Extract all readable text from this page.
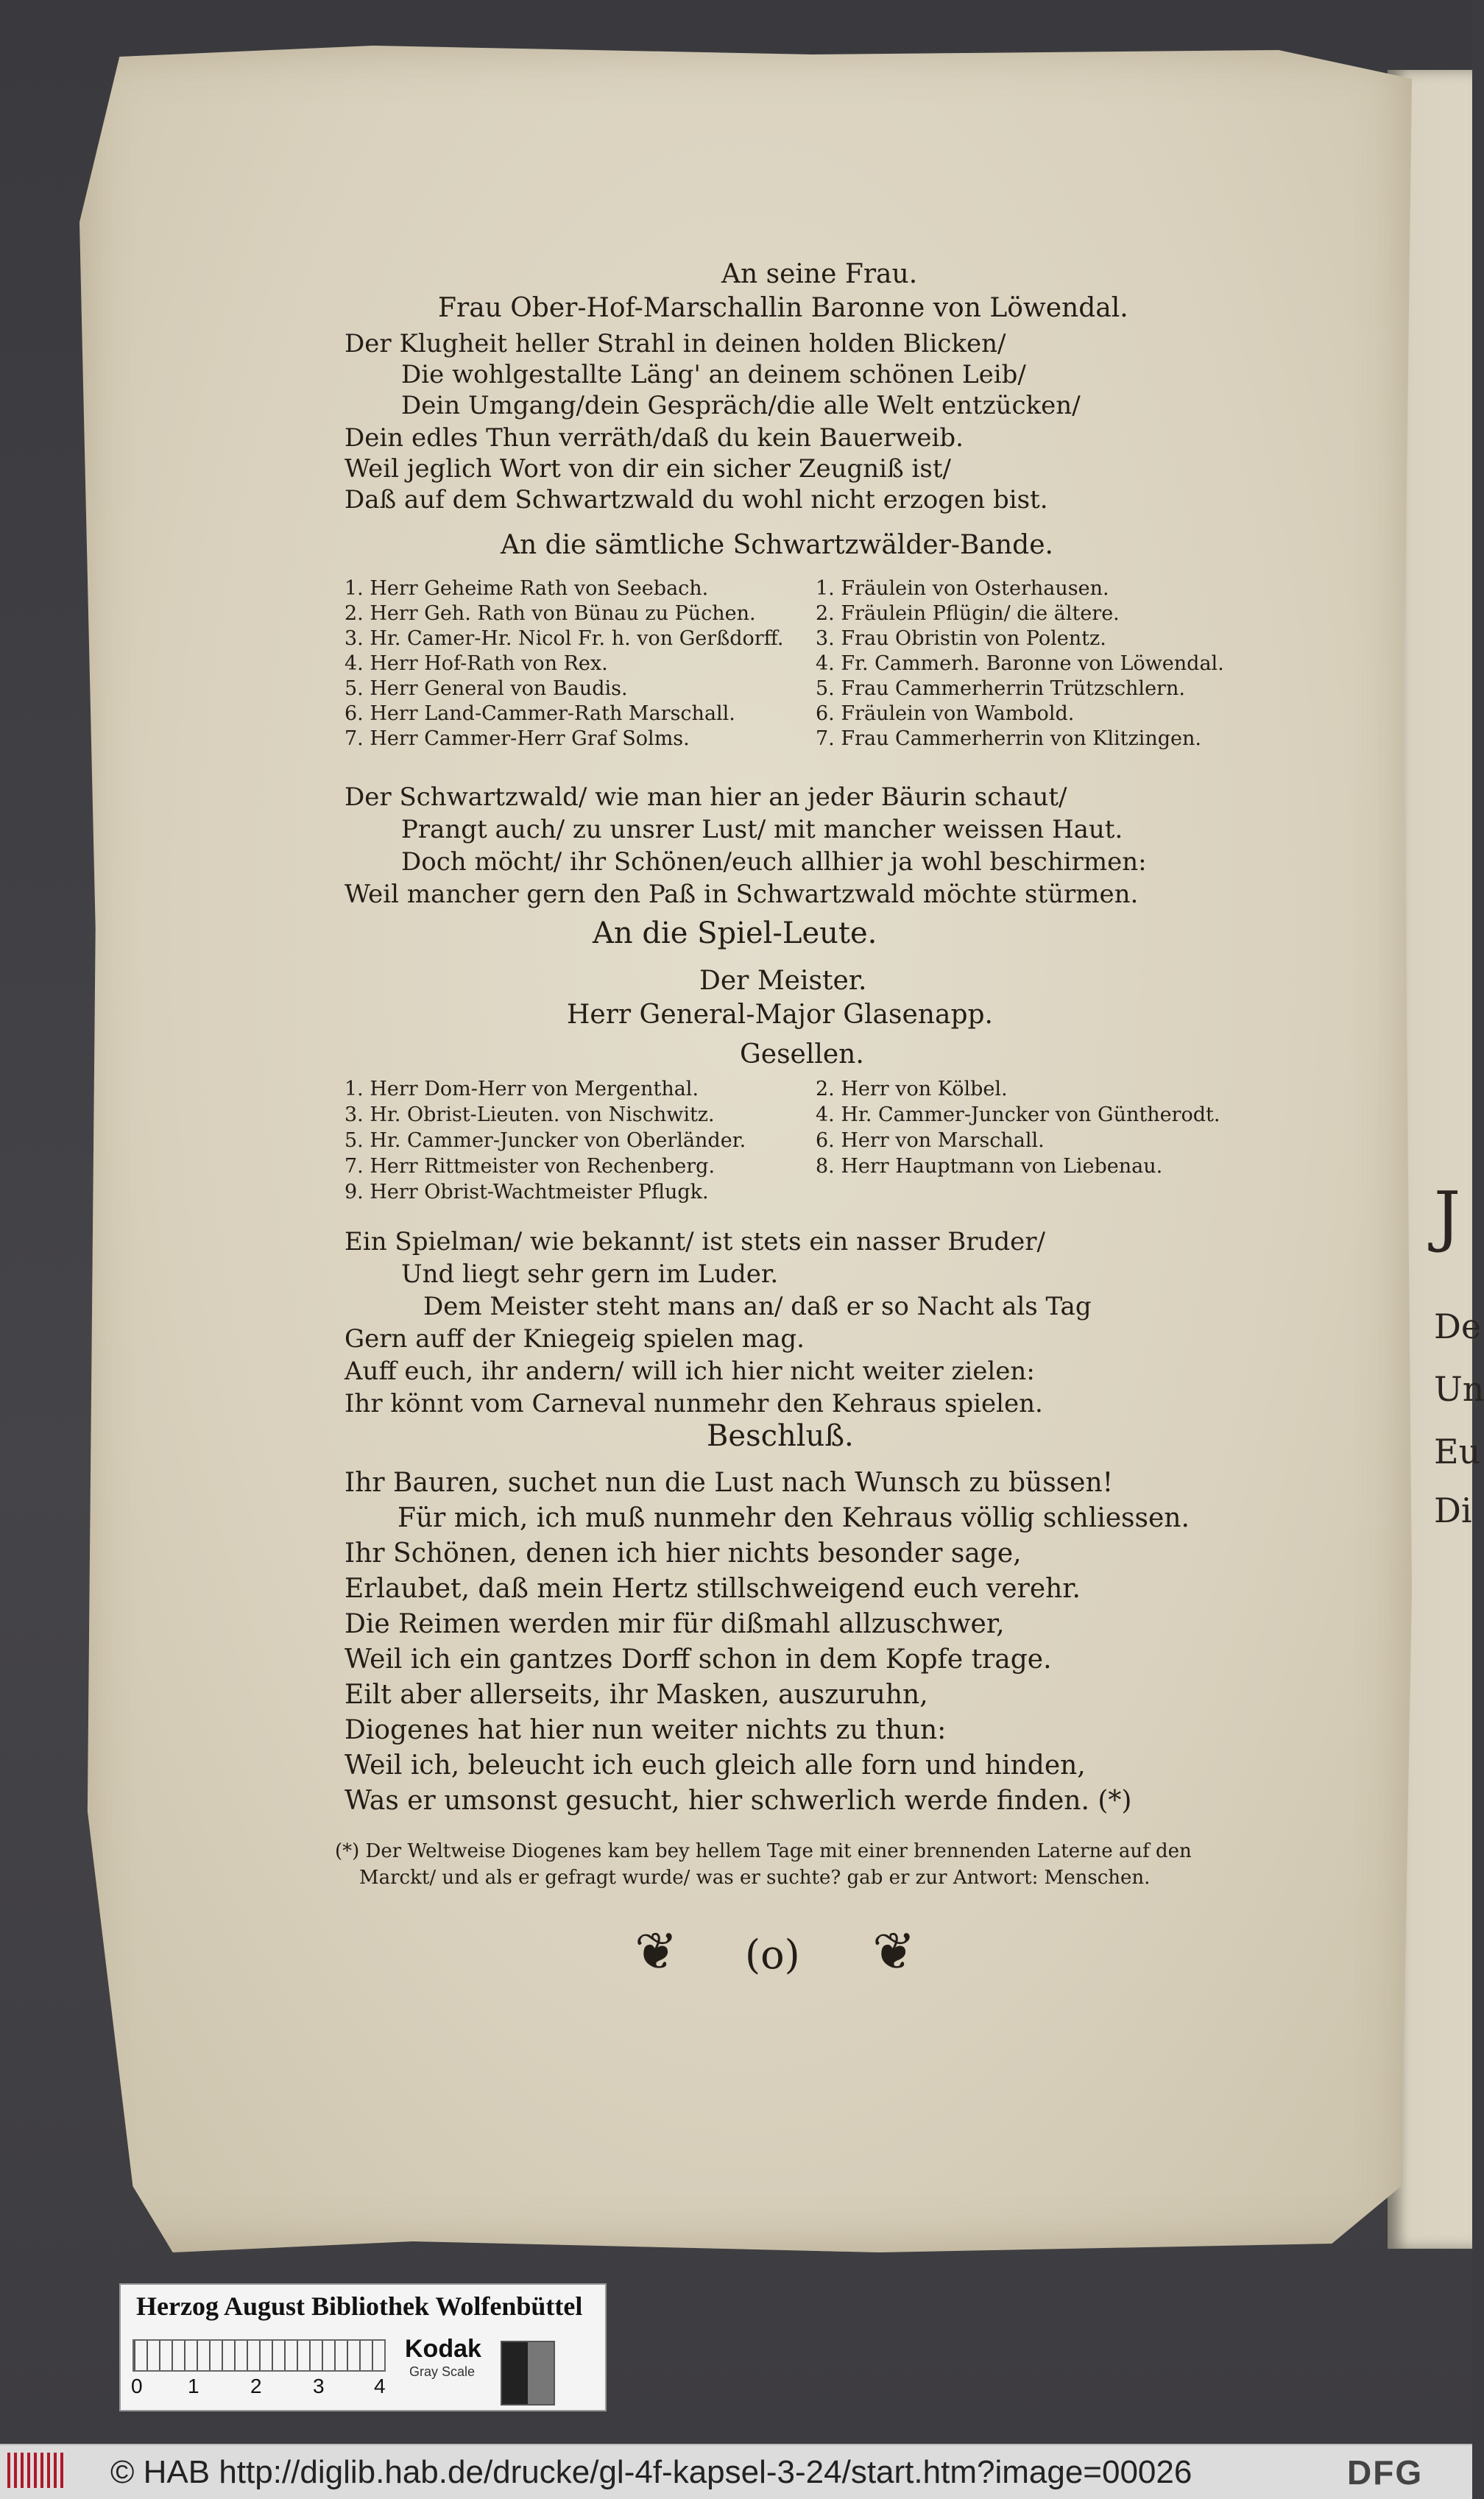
J
De
Un
Eu
Di
An seine Frau.
Frau Ober-Hof-Marschallin Baronne von Löwendal.
Der Klugheit heller Strahl in deinen holden Blicken/
Die wohlgestallte Läng' an deinem schönen Leib/
Dein Umgang/dein Gespräch/die alle Welt entzücken/
Dein edles Thun verräth/daß du kein Bauerweib.
Weil jeglich Wort von dir ein sicher Zeugniß ist/
Daß auf dem Schwartzwald du wohl nicht erzogen bist.
An die sämtliche Schwartzwälder-Bande.
1. Herr Geheime Rath von Seebach.
2. Herr Geh. Rath von Bünau zu Püchen.
3. Hr. Camer-Hr. Nicol Fr. h. von Gerßdorff.
4. Herr Hof-Rath von Rex.
5. Herr General von Baudis.
6. Herr Land-Cammer-Rath Marschall.
7. Herr Cammer-Herr Graf Solms.
1. Fräulein von Osterhausen.
2. Fräulein Pflügin/ die ältere.
3. Frau Obristin von Polentz.
4. Fr. Cammerh. Baronne von Löwendal.
5. Frau Cammerherrin Trützschlern.
6. Fräulein von Wambold.
7. Frau Cammerherrin von Klitzingen.
Der Schwartzwald/ wie man hier an jeder Bäurin schaut/
Prangt auch/ zu unsrer Lust/ mit mancher weissen Haut.
Doch möcht/ ihr Schönen/euch allhier ja wohl beschirmen:
Weil mancher gern den Paß in Schwartzwald möchte stürmen.
An die Spiel-Leute.
Der Meister.
Herr General-Major Glasenapp.
Gesellen.
1. Herr Dom-Herr von Mergenthal.
3. Hr. Obrist-Lieuten. von Nischwitz.
5. Hr. Cammer-Juncker von Oberländer.
7. Herr Rittmeister von Rechenberg.
9. Herr Obrist-Wachtmeister Pflugk.
2. Herr von Kölbel.
4. Hr. Cammer-Juncker von Güntherodt.
6. Herr von Marschall.
8. Herr Hauptmann von Liebenau.
Ein Spielman/ wie bekannt/ ist stets ein nasser Bruder/
Und liegt sehr gern im Luder.
Dem Meister steht mans an/ daß er so Nacht als Tag
Gern auff der Kniegeig spielen mag.
Auff euch, ihr andern/ will ich hier nicht weiter zielen:
Ihr könnt vom Carneval nunmehr den Kehraus spielen.
Beschluß.
Ihr Bauren, suchet nun die Lust nach Wunsch zu büssen!
Für mich, ich muß nunmehr den Kehraus völlig schliessen.
Ihr Schönen, denen ich hier nichts besonder sage,
Erlaubet, daß mein Hertz stillschweigend euch verehr.
Die Reimen werden mir für dißmahl allzuschwer,
Weil ich ein gantzes Dorff schon in dem Kopfe trage.
Eilt aber allerseits, ihr Masken, auszuruhn,
Diogenes hat hier nun weiter nichts zu thun:
Weil ich, beleucht ich euch gleich alle forn und hinden,
Was er umsonst gesucht, hier schwerlich werde finden. (*)
(*) Der Weltweise Diogenes kam bey hellem Tage mit einer brennenden Laterne auf den
Marckt/ und als er gefragt wurde/ was er suchte? gab er zur Antwort: Menschen.
❦ (o) ❦
Herzog August Bibliothek Wolfenbüttel
0 1 2 3 4
Kodak
Gray Scale
© HAB http://diglib.hab.de/drucke/gl-4f-kapsel-3-24/start.htm?image=00026	DFG
